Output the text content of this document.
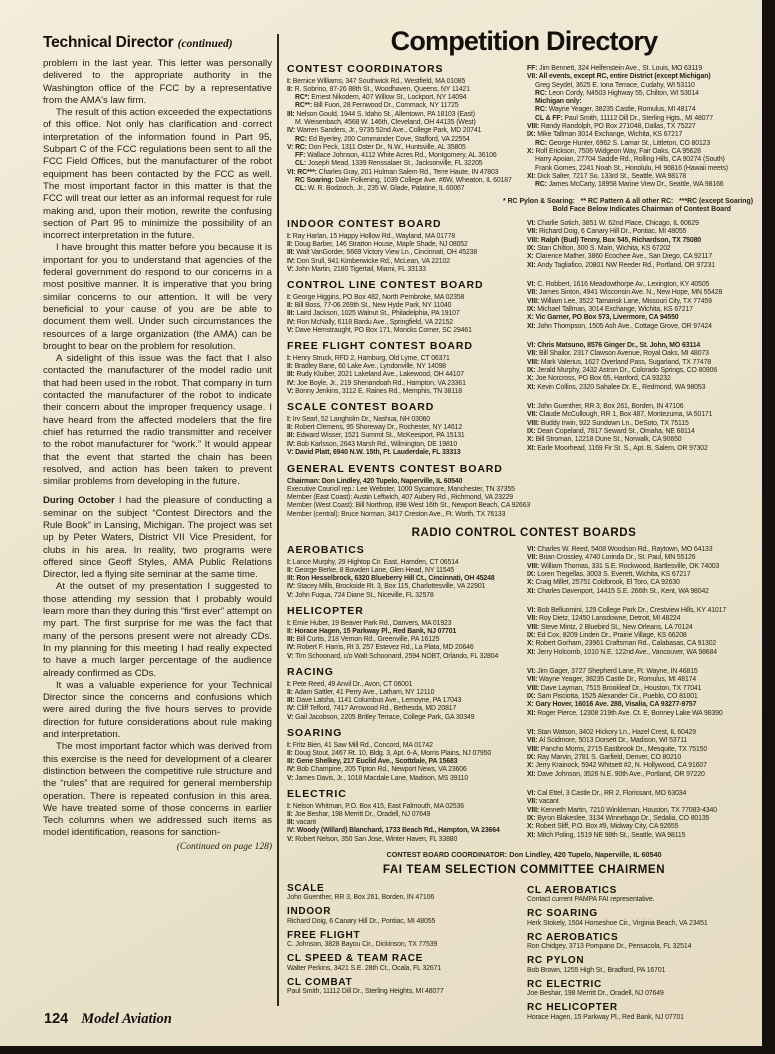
Technical Director (continued)

problem in the last year. This letter was personally delivered to the appropriate authority in the Washington office of the FCC by a representative from the AMA's law firm.

The result of this action exceeded the expectations of this office. Not only has clarification and correct interpretation of the information found in Part 95, Subpart C of the FCC regulations been sent to all the FCC Field Offices, but the manufacturer of the robot equipment has been contacted by the FCC as well. The most important factor in this matter is that the FCC will treat our letter as an informal request for rule making and, upon their motion, rewrite the confusing section of Part 95 to minimize the possibility of an incorrect interpretation in the future.

I have brought this matter before you because it is important for you to understand that agencies of the federal government do respond to our concerns in a most positive manner. It is imperative that you bring similar concerns to our attention. It will be very beneficial to your cause of you are be able to document them well. Under such circumstances the resources of a large organization (the AMA) can be brought to bear on the problem for resolution.

A sidelight of this issue was the fact that I also contacted the manufacturer of the model radio unit that had been used in the robot. That company in turn contacted the manufacturer of the robot to indicate their concern about the improper frequency usage. I have heard from the affected modelers that the fire chief has returned the radio transmitter and receiver to the robot manufacturer for “work.” It would appear that the event that started the chain has been resolved, and action has been taken to prevent similar problems from developing in the future.

During October I had the pleasure of conducting a seminar on the subject “Contest Directors and the Rule Book” in Lansing, Michigan. The project was set up by Peter Waters, District VII Vice President, for clubs in his area. In reality, two programs were offered since Geoff Styles, AMA Public Relations Director, led a flying site seminar at the same time.

At the outset of my presentation I suggested to those attending my session that I probably would learn more than they during this “first ever” attempt on my part. The first surprise for me was the fact that many of the persons present were not already CDs. In my planning for this meeting I had really expected to have a much larger percentage of the audience already confirmed as CDs.

It was a valuable experience for your Technical Director since the concerns and confusions which were aired during the five hours serves to provide direction for future considerations about rule making and interpretation.

The most important factor which was derived from this exercise is the need for development of a clearer distinction between the competitive rule structure and the “rules” that are required for general membership operation. There is repeated confusion in this area. We have treated some of those concerns in earlier Tech columns when we addressed such items as model identification, reasons for sanction-

(Continued on page 128)
Competition Directory
CONTEST COORDINATORS
I: Bernice Williams, 347 Southwick Rd., Westfield, MA 01085
II: R. Sobrino, 87-26 88th St., Woodhaven, Queens, NY 11421
RC*: Ernest Nikodem, 407 Willow St., Lockport, NY 14094
RC**: Bill Fuori, 28 Fernwood Dr., Commack, NY 11725
III: Nelson Gould, 1944 S. Idaho St., Allentown, PA 18103 (East)
M. Weisenbach, 4568 W. 146th, Cleveland, OH 44135 (West)
IV: Warren Sanders, Jr., 9735 52nd Ave., College Park, MD 20741
RC: Ed Byerley, 200 Commander Cove, Stafford, VA 22554
V: RC: Don Peck, 1311 Oster Dr., N.W., Huntsville, AL 35805
FF: Wallace Johnson, 4112 White Acres Rd., Montgomery, AL 36106
CL: Joseph Mead, 1339 Renssalaer St., Jacksonville, FL 32205
VI: RC***: Charles Gray, 201 Hulman Salem Rd., Terre Haute, IN 47803
RC Soaring: Dale Folkening, 1039 College Ave. #6W, Wheaton, IL 60187
CL: W. R. Bodzioch, Jr., 235 W. Glade, Palatine, IL 60067
FF: Jim Bennett, 324 Helfenstein Ave., St. Louis, MO 63119
VII: All events, except RC, entire District (except Michigan)
Greg Seydel, 3625 E. Iona Terrace, Cudahy, WI 53110
RC: Leon Cordy, N4503 Highway 55, Chilton, WI 53014
Michigan only:
RC: Wayne Yeager, 38235 Castle, Romulus, MI 48174
CL & FF: Paul Smith, 11112 Dill Dr., Sterling Hgts., MI 48077
VIII: Randy Randolph, PO Box 271048, Dallas, TX 75227
IX: Mike Tallman 3014 Exchange, Wichita, KS 67217
RC: George Hunter, 6962 S. Lamar St., Littleton, CO 80123
X: Rolf Erickson, 7506 Widgeon Way, Fair Oaks, CA 95628
Harry Apoian, 27704 Saddle Rd., Rolling Hills, CA 90274 (South)
Frank Gomes, 2241 Noah St., Honolulu, HI 96816 (Hawaii meets)
XI: Dick Salter, 7217 So. 133rd St., Seattle, WA 98178
RC: James McCarty, 18958 Marine View Dr., Seattle, WA 98166
* RC Pylon & Soaring:   ** RC Pattern & all other RC:   ***RC (except Soaring)
Bold Face Below Indicates Chairman of Contest Board
INDOOR CONTEST BOARD
I: Ray Harlan, 15 Happy Hollow Rd., Wayland, MA 01778
II: Doug Barber, 146 Stratton House, Maple Shade, NJ 08052
III: Walt VanGorder, 5669 Victory View Ln., Cincinnati, OH 45238
IV: Don Srull, 941 Kimberwicke Rd., McLean, VA 22102
V: John Martin, 2180 Tigertail, Miami, FL 33133
VI: Charlie Sotich, 3851 W. 62nd Place, Chicago, IL 60629
VII: Richard Doig, 6 Canary Hill Dr., Pontiac, MI 48055
VIII: Ralph (Bud) Tenny, Box 545, Richardson, TX 75080
IX: Stan Chilton, 300 S. Main, Wichita, KS 67202
X: Clarence Mather, 3860 Ecochee Ave., San Diego, CA 92117
XI: Andy Tagliafico, 20801 NW Reeder Rd., Portland, OR 97231
CONTROL LINE CONTEST BOARD
I: George Higgins, PO Box 482, North Pembroke, MA 02358
II: Bill Boss, 77-06 269th St., New Hyde Park, NY 11040
III: Laird Jackson, 1025 Walnut St., Philadelphia, PA 19107
IV: Ron McNally, 6118 Bardu Ave., Springfield, VA 22152
V: Dave Hemstraught, PO Box 171, Moncks Corner, SC 29461
VI: C. Robbert, 1616 Meadowthorpe Av., Lexington, KY 40505
VII: James Sinton, 4941 Wisconsin Ave. N., New Hope, MN 55428
VIII: William Lee, 3522 Tamarisk Lane, Missouri City, TX 77459
IX: Michael Tallman, 3014 Exchange, Wichita, KS 67217
X: Vic Garner, PO Box 573, Livermore, CA 94550
XI: John Thompson, 1505 Ash Ave., Cottage Grove, OR 97424
FREE FLIGHT CONTEST BOARD
I: Henry Struck, RFD 2, Hamburg, Old Lyme, CT 06371
II: Bradley Bane, 60 Lake Ave., Lyndonville, NY 14098
III: Rudy Kluiber, 2021 Lakeland Ave., Lakewood, OH 44107
IV: Joe Boyle, Jr., 219 Shenandoah Rd., Hampton, VA 23361
V: Bonny Jenkins, 3112 E. Raines Rd., Memphis, TN 38118
VI: Chris Matsuno, 8576 Ginger Dr., St. John, MO 63114
VII: Bill Shailor, 2317 Clawson Avenue, Royal Oaks, MI 48073
VIII: Mark Valerius, 1627 Overland Pass, Sugarland, TX 77478
IX: Jerald Murphy, 2432 Astron Dr., Colorado Springs, CO 80906
X: Joe Norcross, PO Box 65, Hanford, CA 93232
XI: Kevin Collins, 2320 Sahalee Dr. E., Redmond, WA 98053
SCALE CONTEST BOARD
I: Irv Searl, 52 Langholm Dr., Nashua, NH 03060
II: Robert Clemens, 95 Shoreway Dr., Rochester, NY 14612
III: Edward Wisser, 1521 Summit St., McKeesport, PA 15131
IV: Bob Karlsson, 2643 Marsh Rd., Wilmington, DE 19810
V: David Platt, 6940 N.W. 15th, Ft. Lauderdale, FL 33313
VI: John Guenther, RR 3, Box 261, Borden, IN 47106
VII: Claude McCullough, RR 1, Box 487, Montezuma, IA 50171
VIII: Buddy Irwin, 922 Sundown Ln., DeSoto, TX 75115
IX: Dean Copeland, 7817 Seward St., Omaha, NE 68114
X: Bill Stroman, 12218 Dune St., Norwalk, CA 90650
XI: Earle Moorhead, 1169 Fir St. S., Apt. B, Salem, OR 97302
GENERAL EVENTS CONTEST BOARD
Chairman: Don Lindley, 420 Tupelo, Naperville, IL 60540
Executive Council rep.: Lee Webster, 1000 Sycamore, Manchester, TN 37355
Member (East Coast): Austin Leftwich, 407 Aubery Rd., Richmond, VA 23229
Member (West Coast): Bill Northrop, 898 West 16th St., Newport Beach, CA 92663
Member (central): Bruce Norman, 3417 Creston Ave., Ft. Worth, TX 76133
RADIO CONTROL CONTEST BOARDS
AEROBATICS
I: Lance Murphy, 29 Hightop Cir. East, Hamden, CT 06514
II: George Berke, 8 Bowden Lane, Glen Head, NY 11545
III: Ron Hesselbrock, 6320 Blueberry Hill Ct., Cincinnati, OH 45248
IV: Stacey Mills, Brockside Rt. 3, Box 115, Charlottesville, VA 22901
V: John Fuqua, 724 Diane St., Niceville, FL 32578
VI: Charles W. Reed, 5408 Woodson Rd., Raytown, MO 64133
VII: Brian Crossley, 4740 Lorinda Dr., St. Paul, MN 55126
VIII: William Thomas, 331 S.E. Rockwood, Bartlesville, OK 74003
IX: Loren Tregellas, 3003 S. Everett, Wichita, KS 67217
X: Craig Millet, 25751 Coldbrook, El Toro, CA 92630
XI: Charles Davenport, 14415 S.E. 266th St., Kent, WA 98042
HELICOPTER
I: Ernie Huber, 19 Beaver Park Rd., Danvers, MA 01923
II: Horace Hagen, 15 Parkway Pl., Red Bank, NJ 07701
III: Bill Curtis, 218 Vernon Rd., Greenville, PA 16125
IV: Robert F. Harris, Rt 3, 257 Estevez Rd., La Plata, MD 20646
V: Tim Schoonard, c/o Walt Schoonard, 2594 NOBT, Orlando, FL 32804
VI: Bob Belluomini, 129 College Park Dr., Crestview Hills, KY 41017
VII: Roy Dietz, 12450 Lansdowne, Detroit, MI 48224
VIII: Steve Mintz, 2 Bluebird St., New Orleans, LA 70124
IX: Ed Cox, 8209 Linden Dr., Prairie Village, KS 66208
X: Robert Gorham, 23961 Craftsman Rd., Calabasas, CA 91302
XI: Jerry Holcomb, 1010 N.E. 122nd Ave., Vancouver, WA 98684
RACING
I: Pete Reed, 49 Anvil Dr., Avon, CT 06001
II: Adam Sattler, 41 Perry Ave., Latham, NY 12110
III: Dave Latsha, 1141 Columbus Ave., Lemoyne, PA 17043
IV: Cliff Telford, 7417 Arrowood Rd., Bethesda, MD 20817
V: Gail Jacobson, 2205 Britley Terrace, College Park, GA 30349
VI: Jim Gager, 3727 Shepherd Lane, Ft. Wayne, IN 46815
VII: Wayne Yeager, 38235 Castle Dr., Romulus, MI 48174
VIII: Dave Layman, 7515 Brookleaf Dr., Houston, TX 77041
IX: Sam Pisciotta, 1525 Alexander Cir., Pueblo, CO 81001
X: Gary Hover, 16016 Ave. 288, Visalia, CA 93277-9757
XI: Roger Pierce, 12308 219th Ave. Ct. E, Bonney Lake WA 98390
SOARING
I: Fritz Bien, 41 Saw Mill Rd., Concord, MA 01742
II: Doug Stout, 2467 Rt. 10, Bldg. 3, Apt. 6-A, Morris Plains, NJ 07950
III: Gene Shelkey, 217 Euclid Ave., Scottdale, PA 15683
IV: Bob Champine, 205 Tipton Rd., Newport News, VA 23606
V: James Davis, Jr., 1018 Macdale Lane, Madison, MS 39110
VI: Stan Watson, 3402 Hickory Ln., Hazel Crest, IL 60429
VII: Al Scidmore, 5013 Dorsett Dr., Madison, WI 53711
VIII: Pancho Morris, 2715 Eastbrook Dr., Mesquite, TX 75150
IX: Ray Marvin, 2781 S. Garfield, Denver, CO 80210
X: Jerry Krainock, 5942 Whitsett #2, N. Hollywood, CA 91607
XI: Dave Johnson, 3526 N.E. 90th Ave., Portland, OR 97220
ELECTRIC
I: Nelson Whitman, P.O. Box 415, East Falmouth, MA 02536
II: Joe Beshar, 198 Merritt Dr., Oradell, NJ 07649
III: vacant
IV: Woody (Willard) Blanchard, 1733 Beach Rd., Hampton, VA 23664
V: Robert Nelson, 350 San Jose, Winter Haven, FL 33880
VI: Cal Ettel, 3 Castle Dr., RR 2, Florissant, MO 63034
VII: vacant
VIII: Kenneth Martin, 7210 Winkleman, Houston, TX 77083-4340
IX: Byron Blakeslee, 3134 Winnebago Dr., Sedalia, CO 80135
X: Robert Sliff, P.O. Box #9, Midway City, CA 92655
XI: Mitch Poling, 1519 NE 98th St., Seattle, WA 98115
CONTEST BOARD COORDINATOR: Don Lindley, 420 Tupelo, Naperville, IL 60540
FAI TEAM SELECTION COMMITTEE CHAIRMEN
SCALE
John Guenther, RR 3, Box 261, Borden, IN 47106
INDOOR
Richard Doig, 6 Canary Hill Dr., Pontiac, MI 48055
FREE FLIGHT
C. Johnson, 3828 Bayou Cir., Dickinson, TX 77539
CL SPEED & TEAM RACE
Walter Perkins, 3421 S.E. 28th Ct., Ocala, FL 32671
CL COMBAT
Paul Smith, 11112 Dill Dr., Sterling Heights, MI 48077
CL AEROBATICS
Contact current PAMPA FAI representative.
RC SOARING
Herk Stokely, 1504 Horseshoe Cir., Virginia Beach, VA 23451
RC AEROBATICS
Ron Chidgey, 3713 Pompano Dr., Pensacola, FL 32514
RC PYLON
Bob Brown, 1255 High St., Bradford, PA 16701
RC ELECTRIC
Joe Beshar, 198 Merritt Dr., Oradell, NJ 07649
RC HELICOPTER
Horace Hagen, 15 Parkway Pl., Red Bank, NJ 07701
124 Model Aviation
